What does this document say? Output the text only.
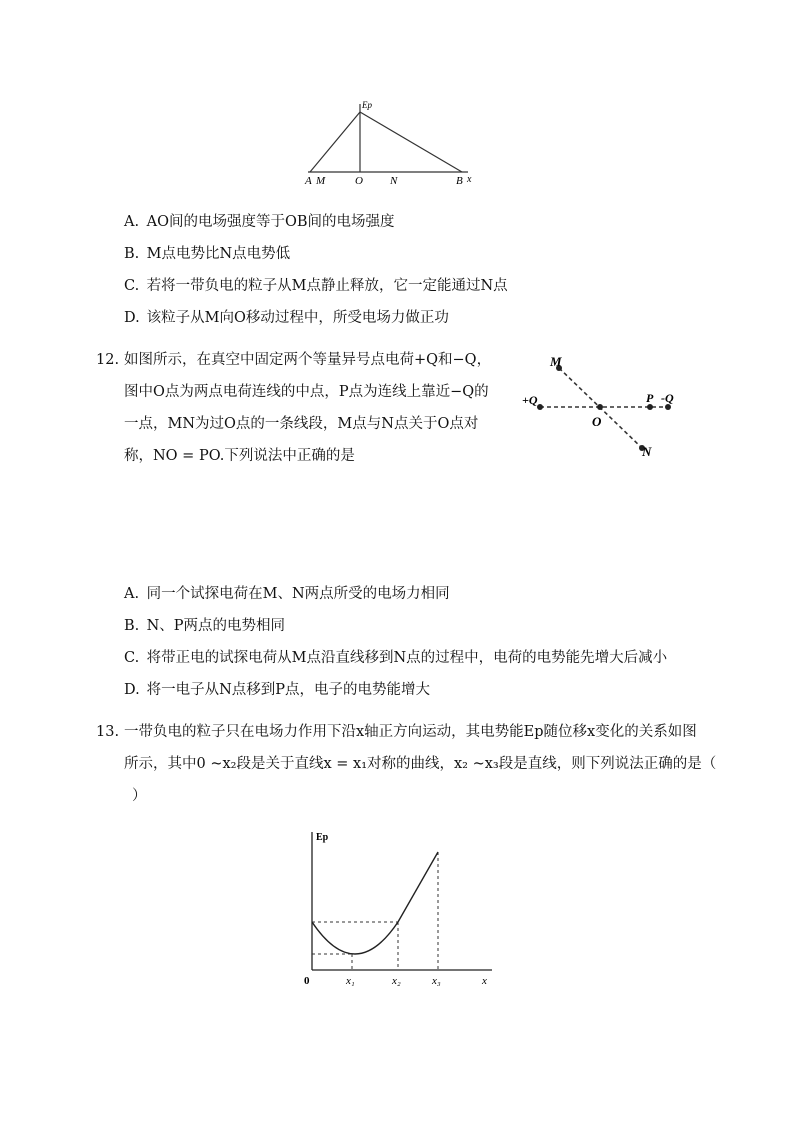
Ep
A M	O N	B x
A. AO间的电场强度等于OB间的电场强度
B. M点电势比N点电势低
C. 若将一带负电的粒子从M点静止释放，它一定能通过N点
D. 该粒子从M向O移动过程中，所受电场力做正功
12. 如图所示，在真空中固定两个等量异号点电荷+Q和−Q，
图中O点为两点电荷连线的中点，P点为连线上靠近−Q的
一点，MN为过O点的一条线段，M点与N点关于O点对
称，NO = PO.下列说法中正确的是
M
+Q
O
P -Q
N
A. 同一个试探电荷在M、N两点所受的电场力相同
B. N、P两点的电势相同
C. 将带正电的试探电荷从M点沿直线移到N点的过程中，电荷的电势能先增大后减小
D. 将一电子从N点移到P点，电子的电势能增大
13. 一带负电的粒子只在电场力作用下沿x轴正方向运动，其电势能Ep随位移x变化的关系如图
所示，其中0 ~x₂段是关于直线x = x₁对称的曲线，x₂ ~x₃段是直线，则下列说法正确的是（
）
Ep
0	x₁	x₂	x₃	x
